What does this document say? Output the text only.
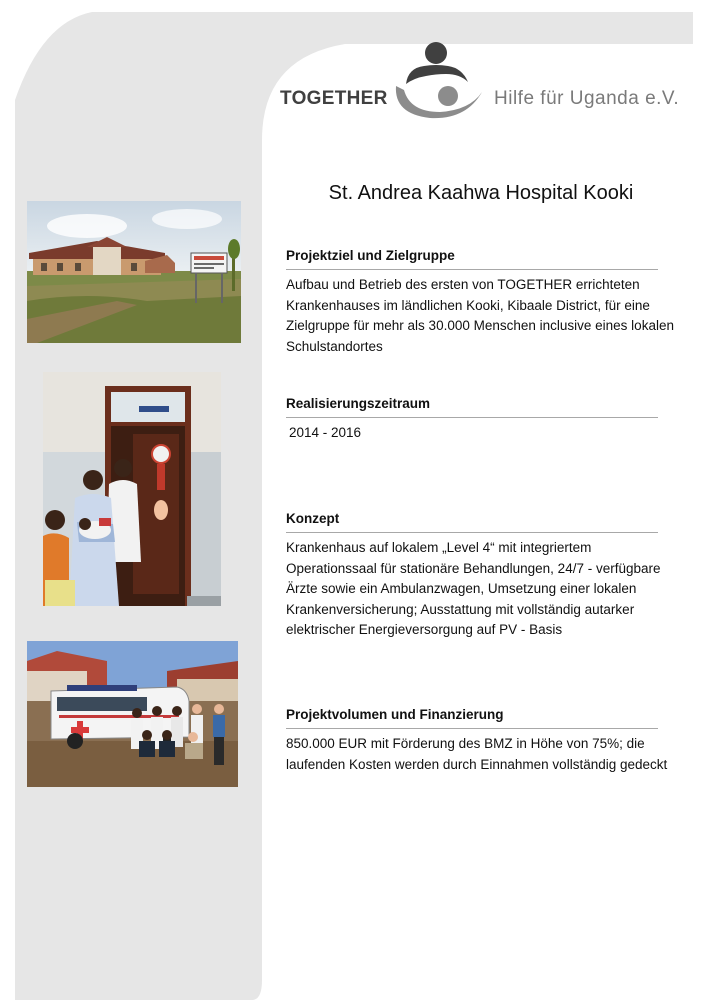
TOGETHER	Hilfe für Uganda e.V.
St. Andrea Kaahwa Hospital Kooki
Projektziel und Zielgruppe
Aufbau und Betrieb des ersten von TOGETHER errichteten Krankenhauses im ländlichen Kooki, Kibaale District, für eine Zielgruppe für mehr als 30.000 Menschen inclusive eines lokalen Schulstandortes
Realisierungszeitraum
2014 - 2016
Konzept
Krankenhaus auf lokalem „Level 4“ mit integriertem Operationssaal für stationäre Behandlungen, 24/7 - verfügbare Ärzte sowie ein Ambulanzwagen, Umsetzung einer lokalen Krankenversicherung; Ausstattung mit vollständig autarker elektrischer Energieversorgung auf PV - Basis
Projektvolumen und Finanzierung
850.000 EUR mit Förderung des BMZ in Höhe von 75%; die laufenden Kosten werden durch Einnahmen vollständig gedeckt
